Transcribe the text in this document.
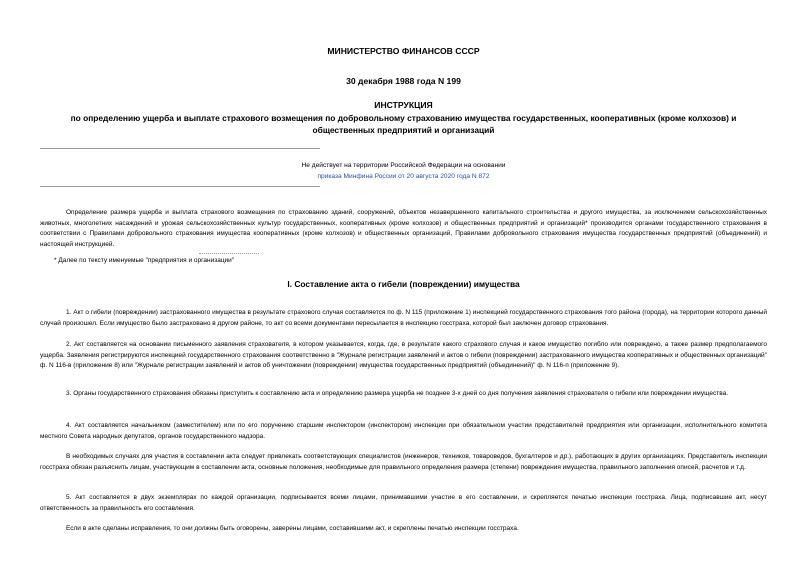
МИНИСТЕРСТВО ФИНАНСОВ СССР
30 декабря 1988 года N 199
ИНСТРУКЦИЯ
по определению ущерба и выплате страхового возмещения по добровольному страхованию имущества государственных, кооперативных (кроме колхозов) и общественных предприятий и организаций
Не действует на территории Российской Федерации на основании
приказа Минфина России от 20 августа 2020 года N 872

Определение размера ущерба и выплата страхового возмещения по страхованию зданий, сооружений, объектов незавершенного капитального строительства и другого имущества, за исключением сельскохозяйственных животных, многолетних насаждений и урожая сельскохозяйственных культур государственных, кооперативных (кроме колхозов) и общественных предприятий и организаций* производится органами государственного страхования в соответствии с Правилами добровольного страхования имущества кооперативных (кроме колхозов) и общественных организаций, Правилами добровольного страхования имущества государственных предприятий (объединений) и настоящей инструкцией.

* Далее по тексту именуемые "предприятия и организации"
I. Составление акта о гибели (повреждении) имущества

1. Акт о гибели (повреждении) застрахованного имущества в результате страхового случая составляется по ф. N 115 (приложение 1) инспекцией государственного страхования того района (города), на территории которого данный случай произошел. Если имущество было застраховано в другом районе, то акт со всеми документами пересылается в инспекцию госстраха, которой был заключен договор страхования.

2. Акт составляется на основании письменного заявления страхователя, в котором указывается, когда, где, в результате какого страхового случая и какое имущество погибло или повреждено, а также размер предполагаемого ущерба. Заявления регистрируются инспекцией государственного страхования соответственно в "Журнале регистрации заявлений и актов о гибели (повреждении) застрахованного имущества кооперативных и общественных организаций" ф. N 116-в (приложение 8) или "Журнале регистрации заявлений и актов об уничтожении (повреждении) имущества государственных предприятий (объединений)" ф. N 116-п (приложение 9).

3. Органы государственного страхования обязаны приступить к составлению акта и определению размера ущерба не позднее 3-х дней со дня получения заявления страхователя о гибели или повреждении имущества.

4. Акт составляется начальником (заместителем) или по его поручению старшим инспектором (инспектором) инспекции при обязательном участии представителей предприятия или организации, исполнительного комитета местного Совета народных депутатов, органов государственного надзора.

В необходимых случаях для участия в составлении акта следует привлекать соответствующих специалистов (инженеров, техников, товароведов, бухгалтеров и др.), работающих в других организациях. Представитель инспекции госстраха обязан разъяснить лицам, участвующим в составлении акта, основные положения, необходимые для правильного определения размера (степени) повреждения имущества, правильного заполнения описей, расчетов и т.д.

5. Акт составляется в двух экземплярах по каждой организации, подписывается всеми лицами, принимавшими участие в его составлении, и скрепляется печатью инспекции госстраха. Лица, подписавшие акт, несут ответственность за правильность его составления.

Если в акте сделаны исправления, то они должны быть оговорены, заверены лицами, составившими акт, и скреплены печатью инспекции госстраха.
